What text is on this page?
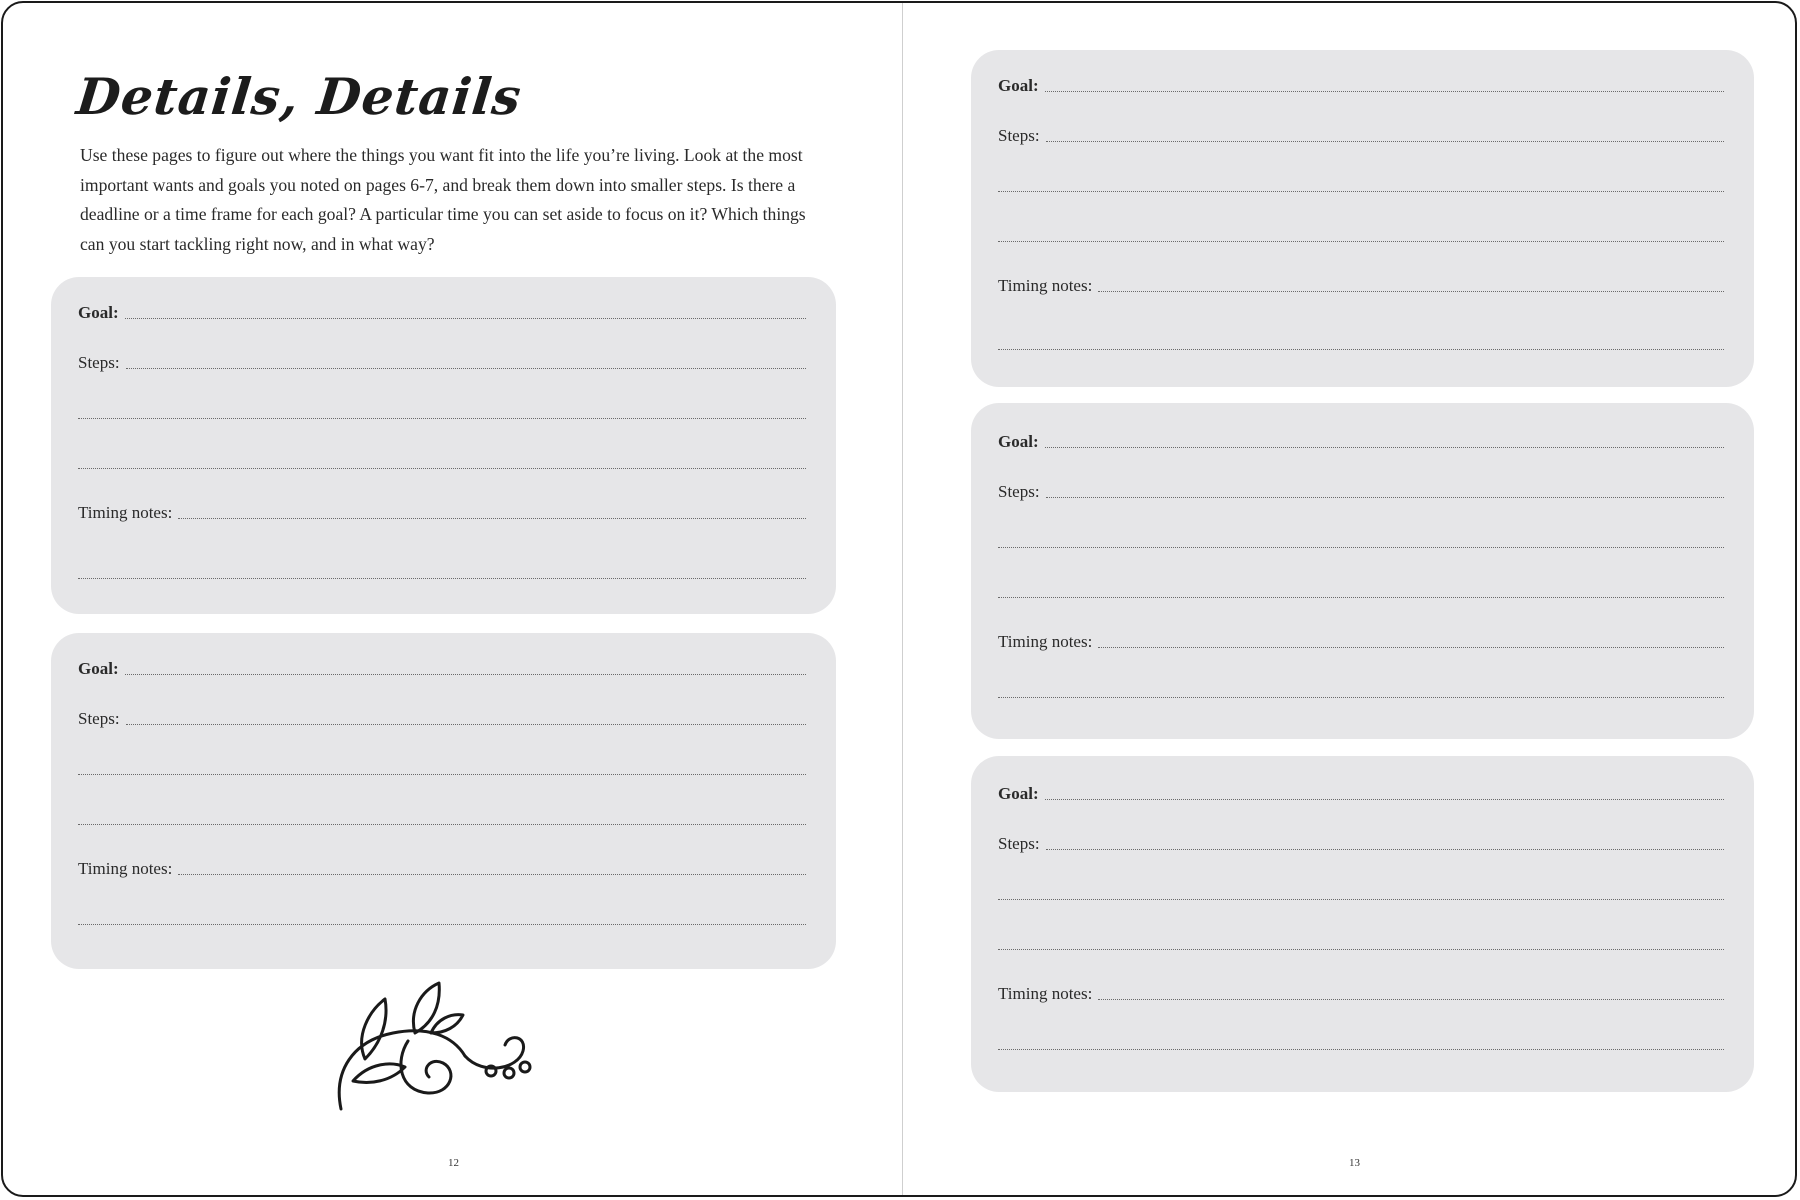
Details, Details

Use these pages to figure out where the things you want fit into the life you’re living. Look at the most important wants and goals you noted on pages 6-7, and break them down into smaller steps. Is there a deadline or a time frame for each goal? A particular time you can set aside to focus on it? Which things can you start tackling right now, and in what way?

Goal:
Steps:
Timing notes:
Goal:
Steps:
Timing notes:
12
Goal:
Steps:
Timing notes:
Goal:
Steps:
Timing notes:
Goal:
Steps:
Timing notes:
13
